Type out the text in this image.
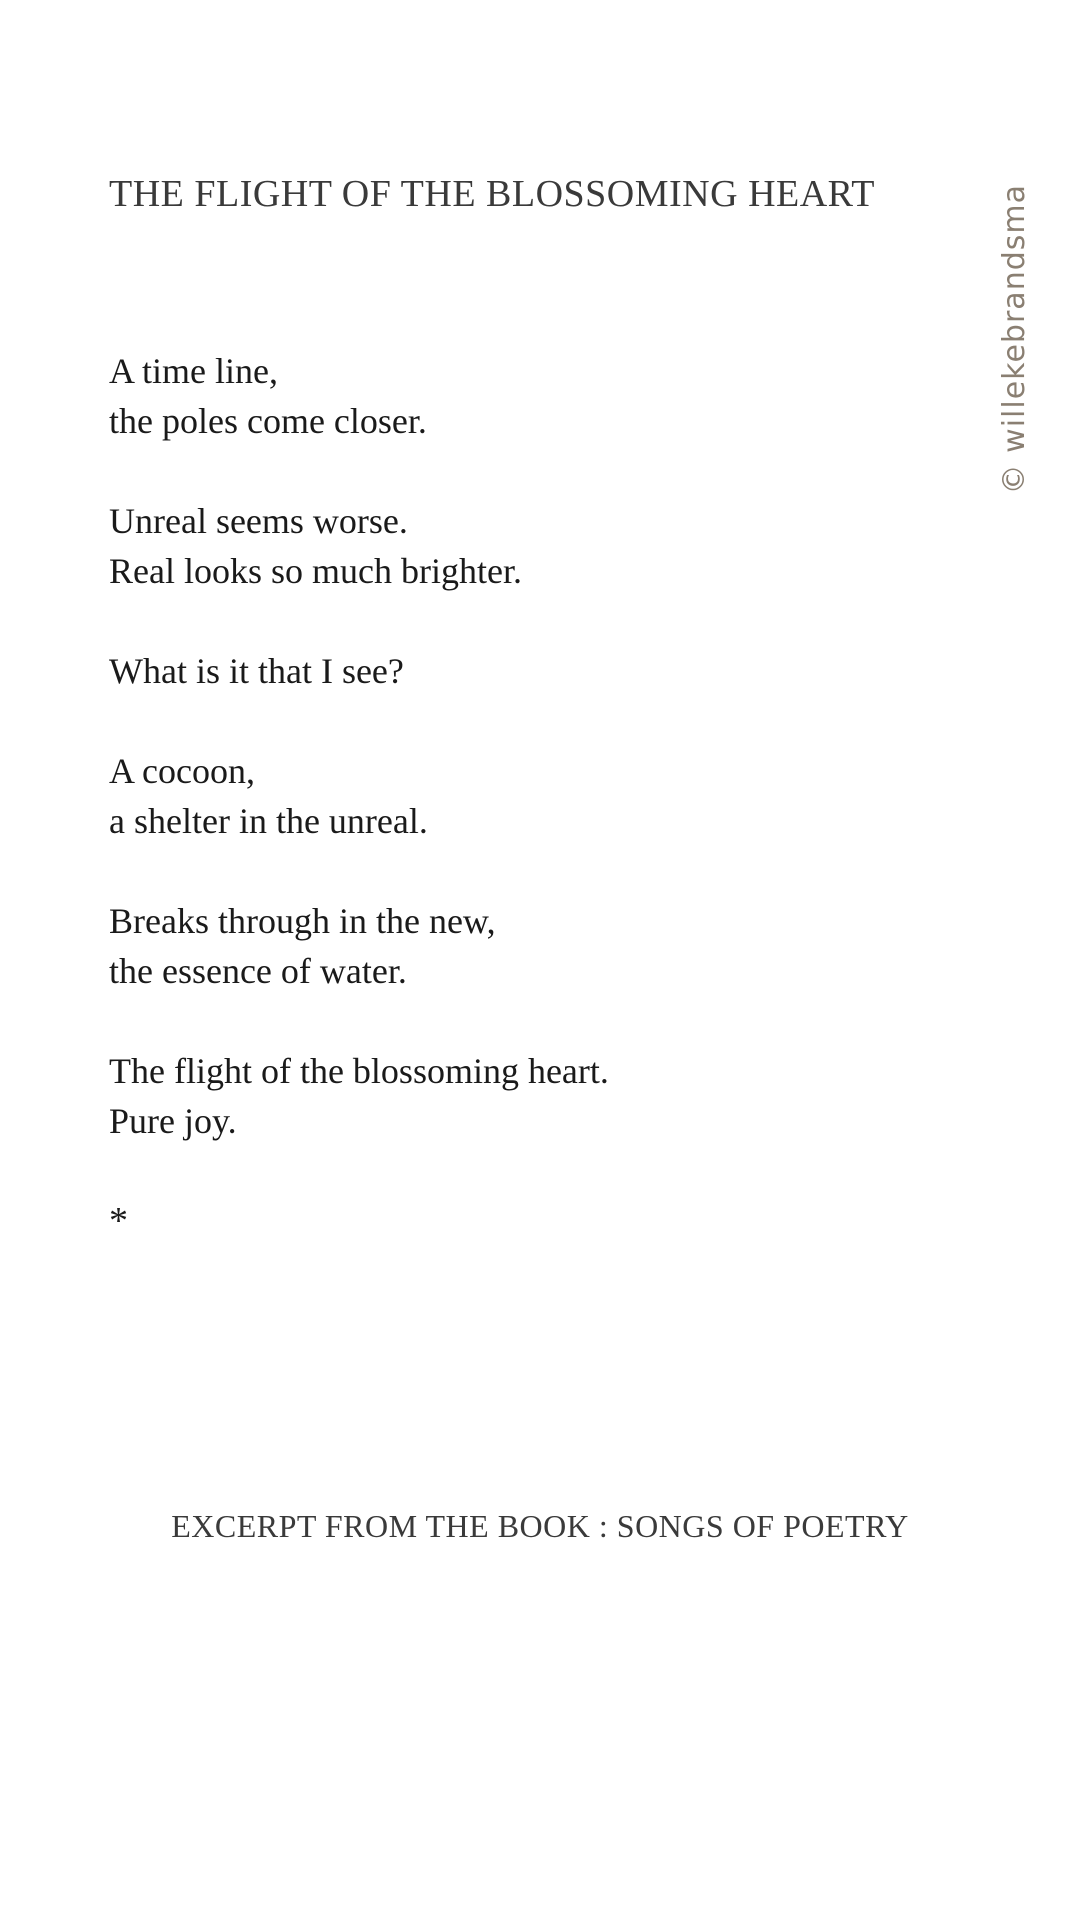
THE FLIGHT OF THE BLOSSOMING HEART	© willekebrandsma
A time line,
the poles come closer.
Unreal seems worse.
Real looks so much brighter.
What is it that I see?
A cocoon,
a shelter in the unreal.
Breaks through in the new,
the essence of water.
The flight of the blossoming heart.
Pure joy.
*
EXCERPT FROM THE BOOK : SONGS OF POETRY
